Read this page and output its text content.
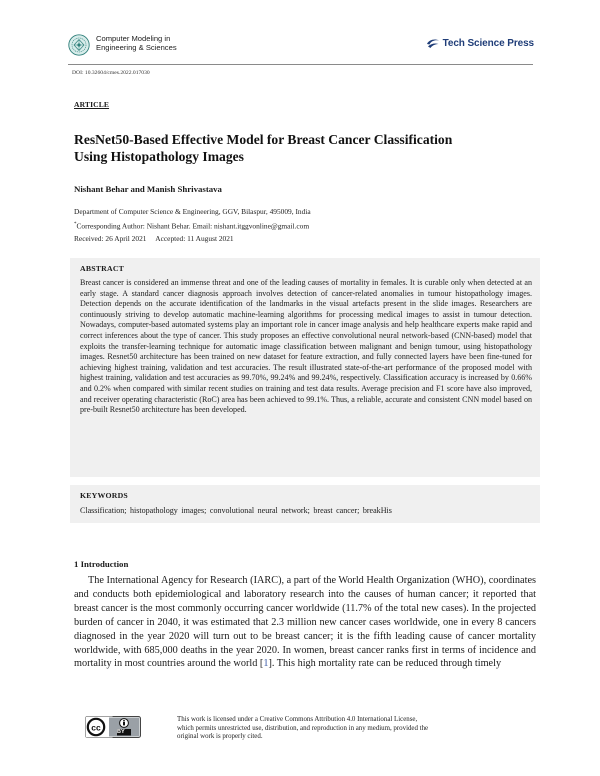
Computer Modeling in
Engineering & Sciences	Tech Science Press
DOI: 10.32604/cmes.2022.017030
ARTICLE
ResNet50-Based Effective Model for Breast Cancer Classification
Using Histopathology Images
Nishant Behar and Manish Shrivastava
Department of Computer Science & Engineering, GGV, Bilaspur, 495009, India
*Corresponding Author: Nishant Behar. Email: nishant.itggvonline@gmail.com
Received: 26 April 2021     Accepted: 11 August 2021
ABSTRACT
Breast cancer is considered an immense threat and one of the leading causes of mortality in females. It is curable only when detected at an early stage. A standard cancer diagnosis approach involves detection of cancer-related anomalies in tumour histopathology images. Detection depends on the accurate identification of the landmarks in the visual artefacts present in the slide images. Researchers are continuously striving to develop automatic machine-learning algorithms for processing medical images to assist in tumour detection. Nowadays, computer-based automated systems play an important role in cancer image analysis and help healthcare experts make rapid and correct inferences about the type of cancer. This study proposes an effective convolutional neural network-based (CNN-based) model that exploits the transfer-learning technique for automatic image classification between malignant and benign tumour, using histopathology images. Resnet50 architecture has been trained on new dataset for feature extraction, and fully connected layers have been fine-tuned for achieving highest training, validation and test accuracies. The result illustrated state-of-the-art performance of the proposed model with highest training, validation and test accuracies as 99.70%, 99.24% and 99.24%, respectively. Classification accuracy is increased by 0.66% and 0.2% when compared with similar recent studies on training and test data results. Average precision and F1 score have also improved, and receiver operating characteristic (RoC) area has been achieved to 99.1%. Thus, a reliable, accurate and consistent CNN model based on pre-built Resnet50 architecture has been developed.
KEYWORDS
Classification; histopathology images; convolutional neural network; breast cancer; breakHis
1 Introduction
The International Agency for Research (IARC), a part of the World Health Organization (WHO), coordinates and conducts both epidemiological and laboratory research into the causes of human cancer; it reported that breast cancer is the most commonly occurring cancer worldwide (11.7% of the total new cases). In the projected burden of cancer in 2040, it was estimated that 2.3 million new cancer cases worldwide, one in every 8 cancers diagnosed in the year 2020 will turn out to be breast cancer; it is the fifth leading cause of cancer mortality worldwide, with 685,000 deaths in the year 2020. In women, breast cancer ranks first in terms of incidence and mortality in most countries around the world [1]. This high mortality rate can be reduced through timely
cc	BY
This work is licensed under a Creative Commons Attribution 4.0 International License,
which permits unrestricted use, distribution, and reproduction in any medium, provided the
original work is properly cited.
